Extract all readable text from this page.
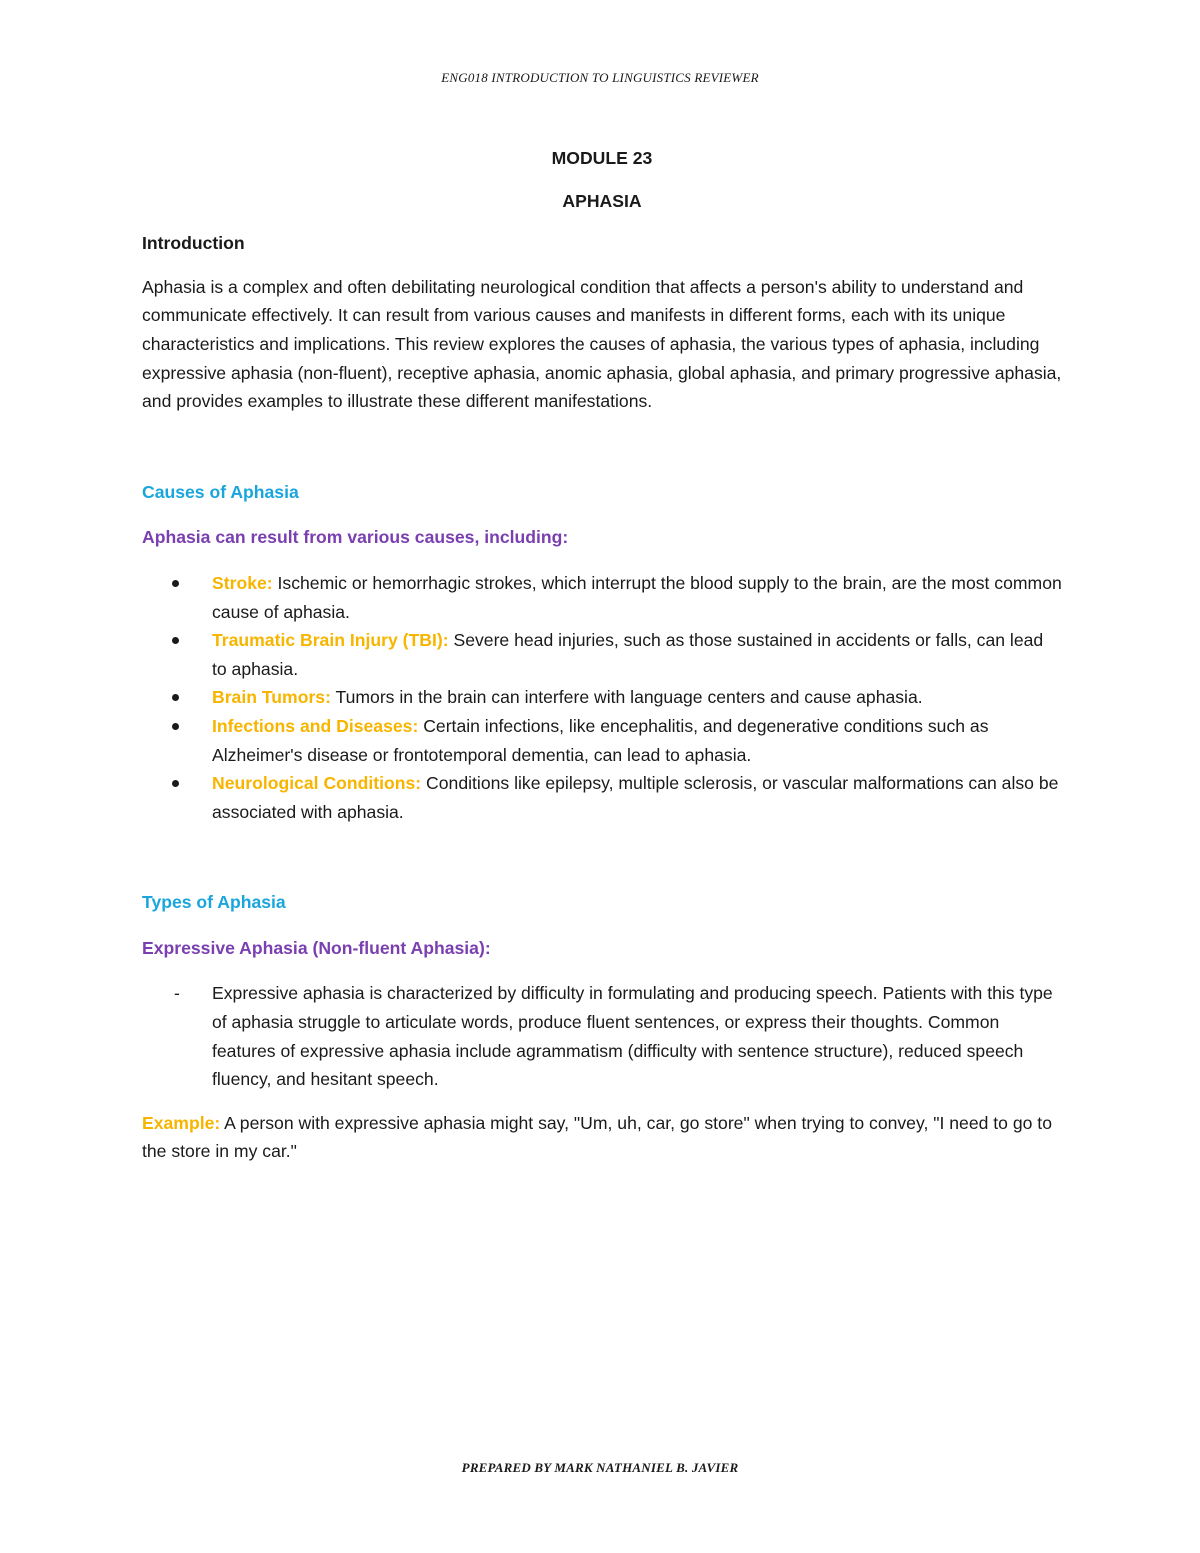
ENG018 INTRODUCTION TO LINGUISTICS REVIEWER

MODULE 23

APHASIA

Introduction

Aphasia is a complex and often debilitating neurological condition that affects a person's ability to understand and communicate effectively. It can result from various causes and manifests in different forms, each with its unique characteristics and implications. This review explores the causes of aphasia, the various types of aphasia, including expressive aphasia (non-fluent), receptive aphasia, anomic aphasia, global aphasia, and primary progressive aphasia, and provides examples to illustrate these different manifestations.

Causes of Aphasia

Aphasia can result from various causes, including:

Stroke: Ischemic or hemorrhagic strokes, which interrupt the blood supply to the brain, are the most common cause of aphasia.
Traumatic Brain Injury (TBI): Severe head injuries, such as those sustained in accidents or falls, can lead to aphasia.
Brain Tumors: Tumors in the brain can interfere with language centers and cause aphasia.
Infections and Diseases: Certain infections, like encephalitis, and degenerative conditions such as Alzheimer's disease or frontotemporal dementia, can lead to aphasia.
Neurological Conditions: Conditions like epilepsy, multiple sclerosis, or vascular malformations can also be associated with aphasia.

Types of Aphasia

Expressive Aphasia (Non-fluent Aphasia):

- Expressive aphasia is characterized by difficulty in formulating and producing speech. Patients with this type of aphasia struggle to articulate words, produce fluent sentences, or express their thoughts. Common features of expressive aphasia include agrammatism (difficulty with sentence structure), reduced speech fluency, and hesitant speech.

Example: A person with expressive aphasia might say, "Um, uh, car, go store" when trying to convey, "I need to go to the store in my car."

PREPARED BY MARK NATHANIEL B. JAVIER
